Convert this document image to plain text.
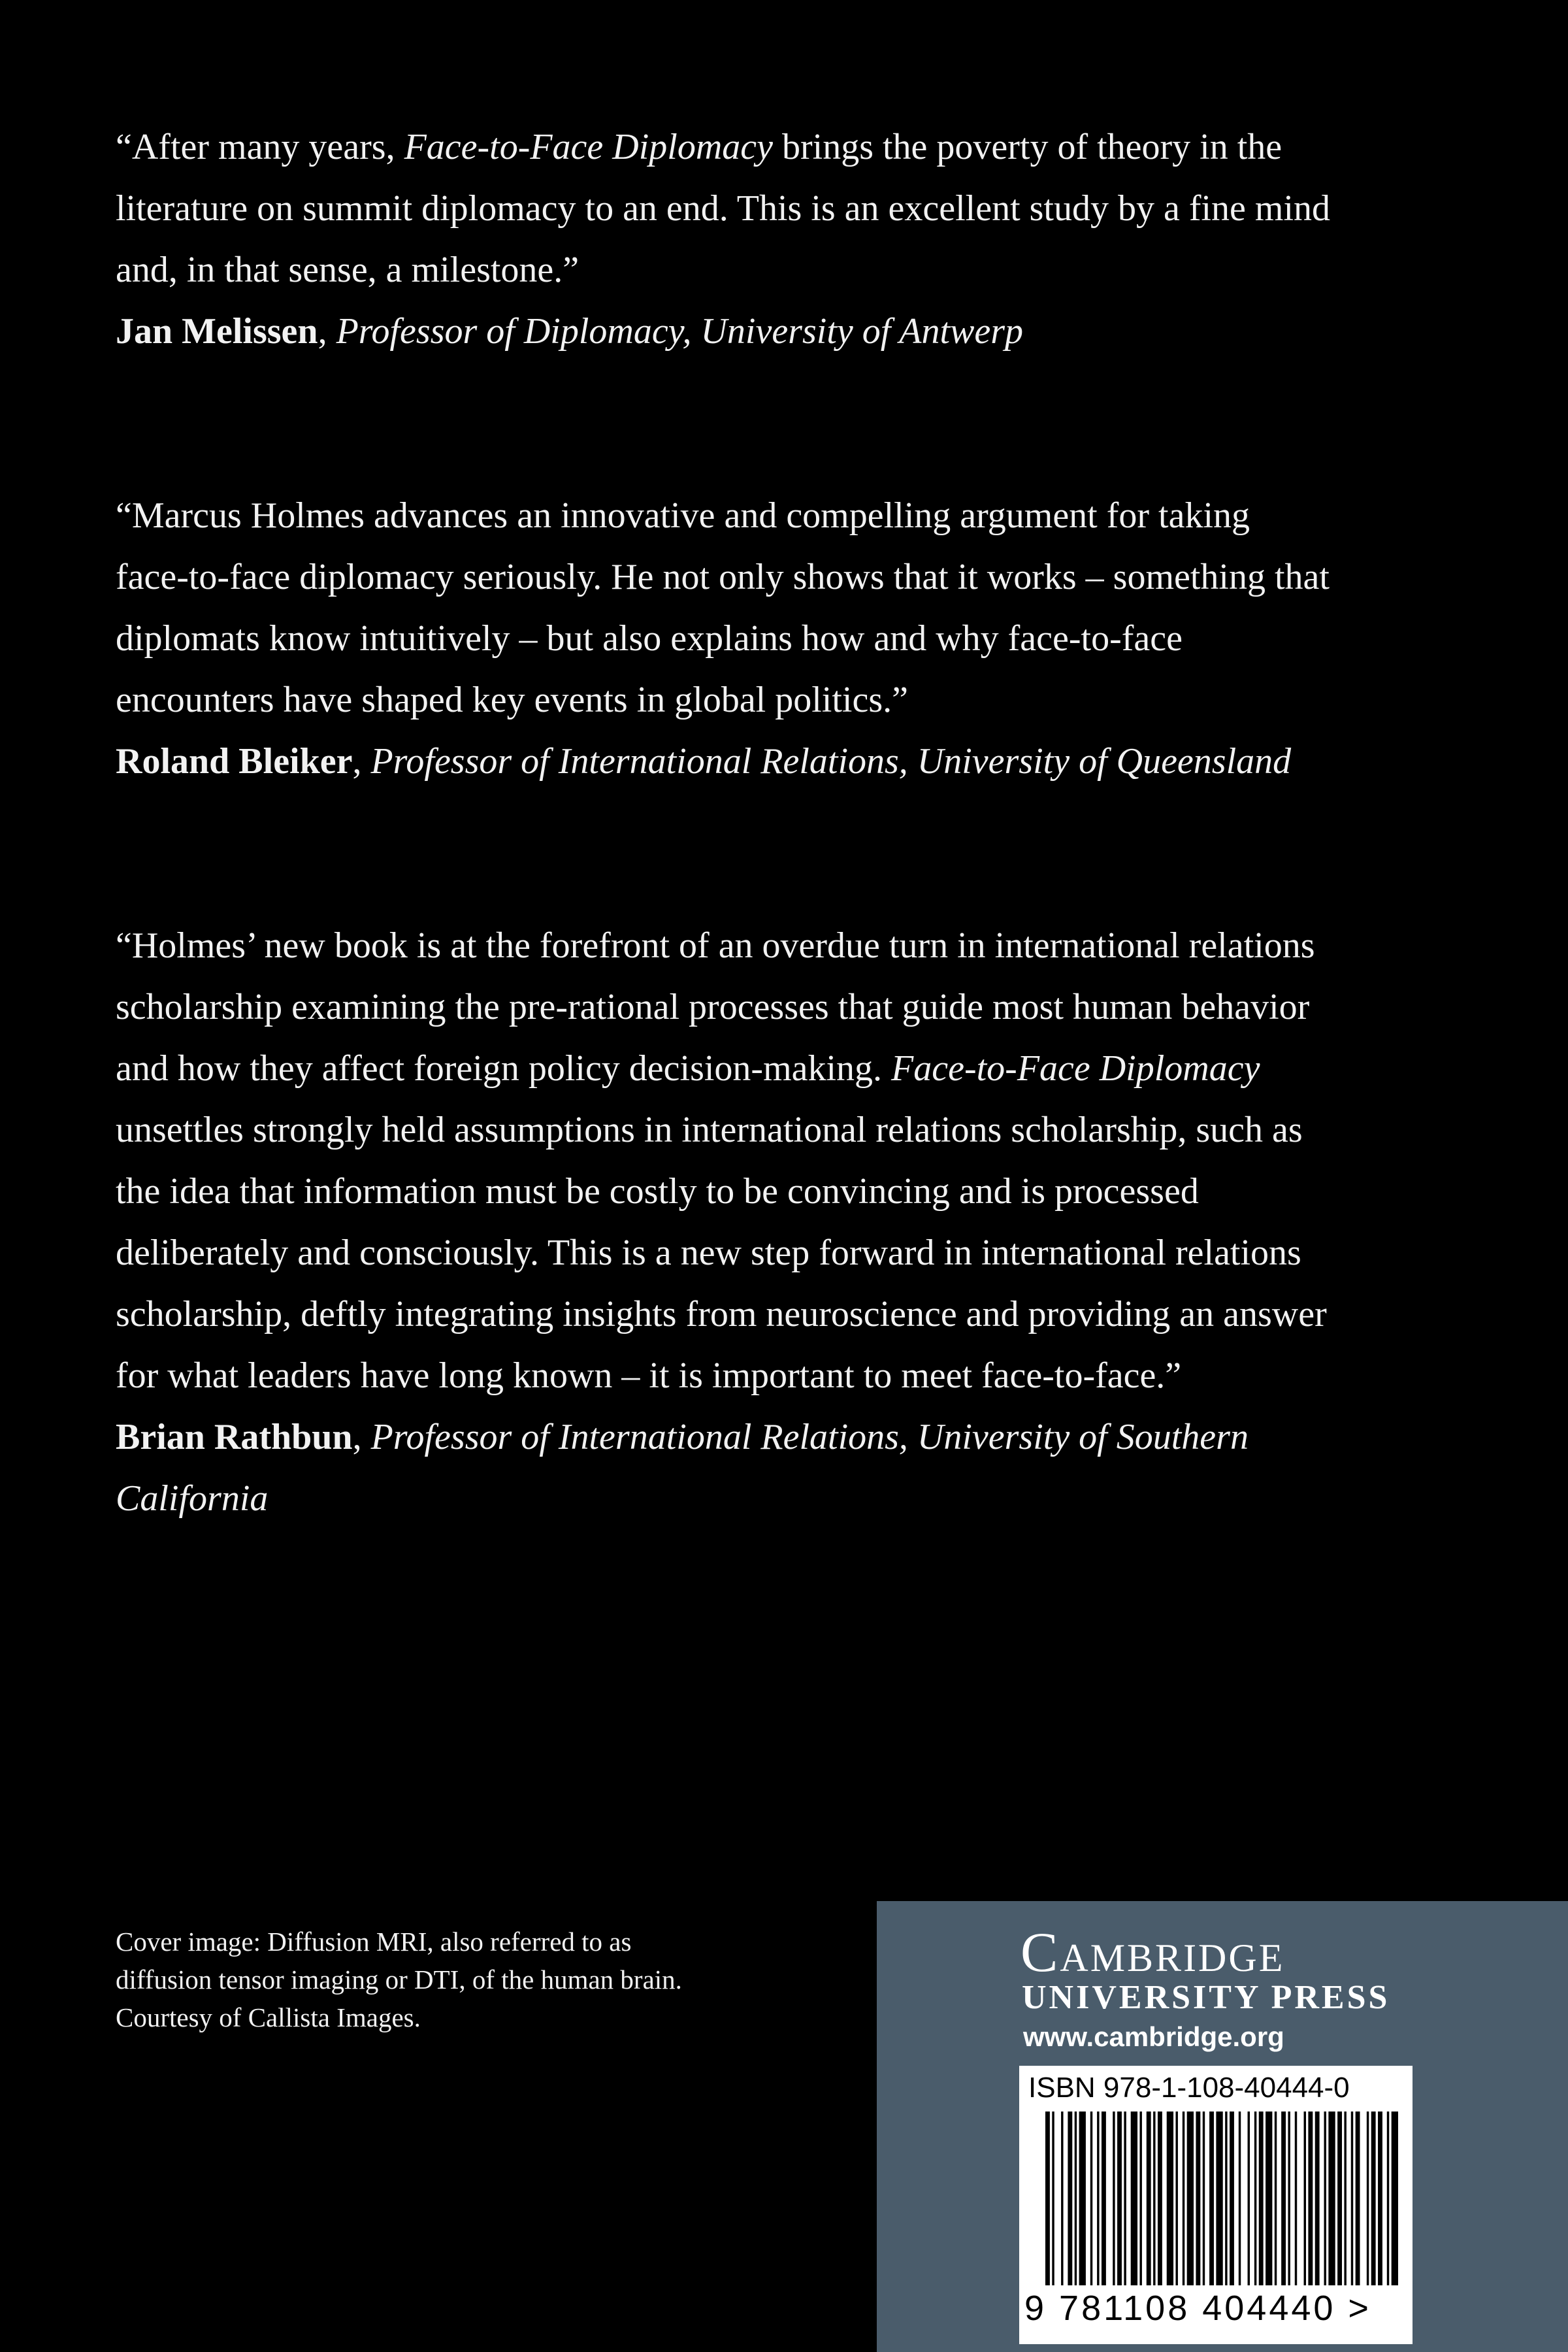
“After many years, Face-to-Face Diplomacy brings the poverty of theory in the literature on summit diplomacy to an end. This is an excellent study by a fine mind and, in that sense, a milestone.”

Jan Melissen, Professor of Diplomacy, University of Antwerp

“Marcus Holmes advances an innovative and compelling argument for taking face-to-face diplomacy seriously. He not only shows that it works – something that diplomats know intuitively – but also explains how and why face-to-face encounters have shaped key events in global politics.”

Roland Bleiker, Professor of International Relations, University of Queensland

“Holmes’ new book is at the forefront of an overdue turn in international relations scholarship examining the pre-rational processes that guide most human behavior and how they affect foreign policy decision-making. Face-to-Face Diplomacy unsettles strongly held assumptions in international relations scholarship, such as the idea that information must be costly to be convincing and is processed deliberately and consciously. This is a new step forward in international relations scholarship, deftly integrating insights from neuroscience and providing an answer for what leaders have long known – it is important to meet face-to-face.”

Brian Rathbun, Professor of International Relations, University of Southern California

Cover image: Diffusion MRI, also referred to as diffusion tensor imaging or DTI, of the human brain. Courtesy of Callista Images.
Cambridge
UNIVERSITY PRESS
www.cambridge.org
ISBN 978-1-108-40444-0
9 781108 404440 >
